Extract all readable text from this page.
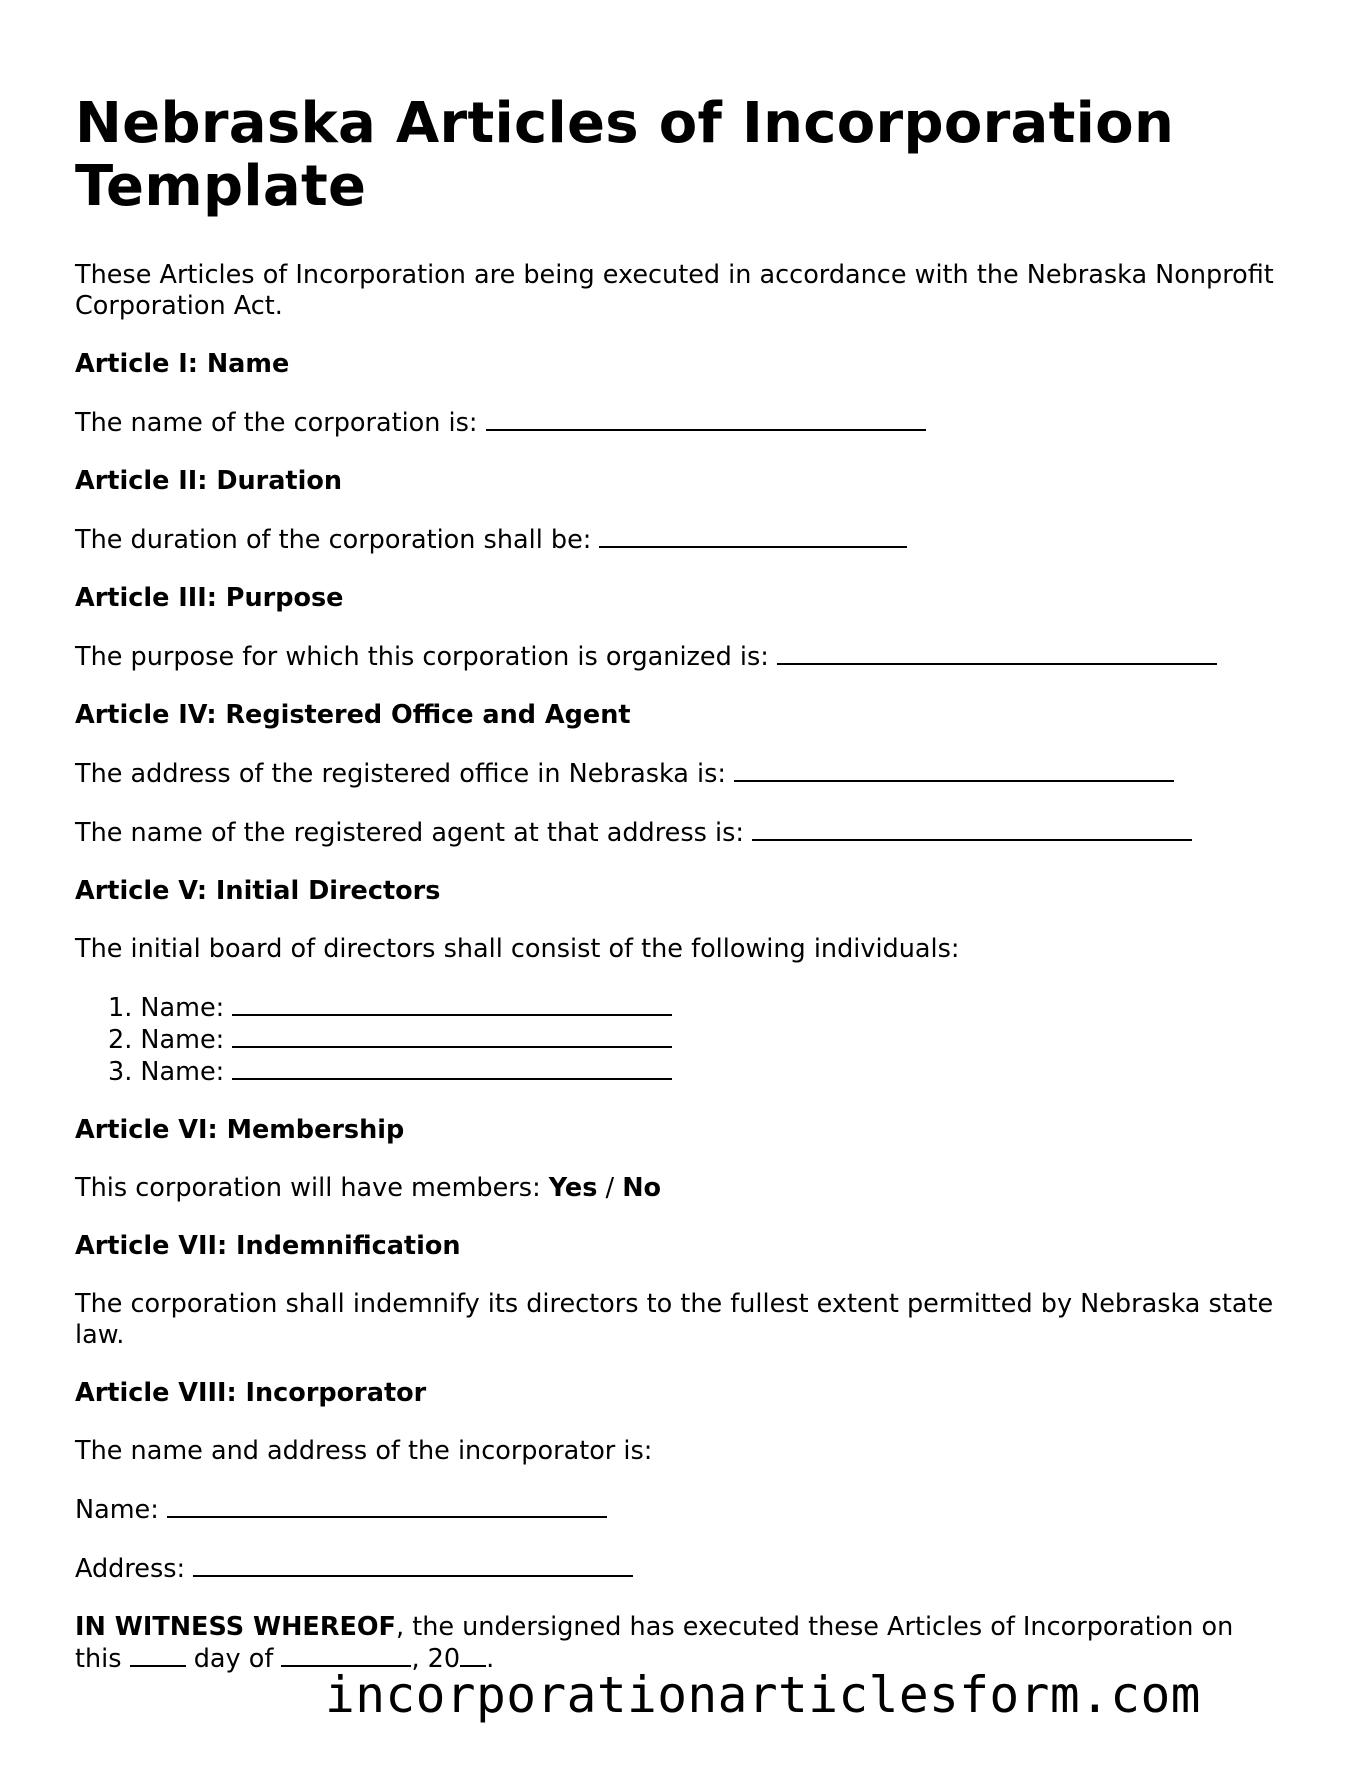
Nebraska Articles of Incorporation Template

These Articles of Incorporation are being executed in accordance with the Nebraska Nonprofit Corporation Act.

Article I: Name

The name of the corporation is:

Article II: Duration

The duration of the corporation shall be:

Article III: Purpose

The purpose for which this corporation is organized is:

Article IV: Registered Office and Agent

The address of the registered office in Nebraska is:

The name of the registered agent at that address is:

Article V: Initial Directors

The initial board of directors shall consist of the following individuals:

1. Name:
2. Name:
3. Name:

Article VI: Membership

This corporation will have members: Yes / No

Article VII: Indemnification

The corporation shall indemnify its directors to the fullest extent permitted by Nebraska state law.

Article VIII: Incorporator

The name and address of the incorporator is:

Name:

Address:

IN WITNESS WHEREOF, the undersigned has executed these Articles of Incorporation on this  day of	, 20 .

incorporationarticlesform.com
